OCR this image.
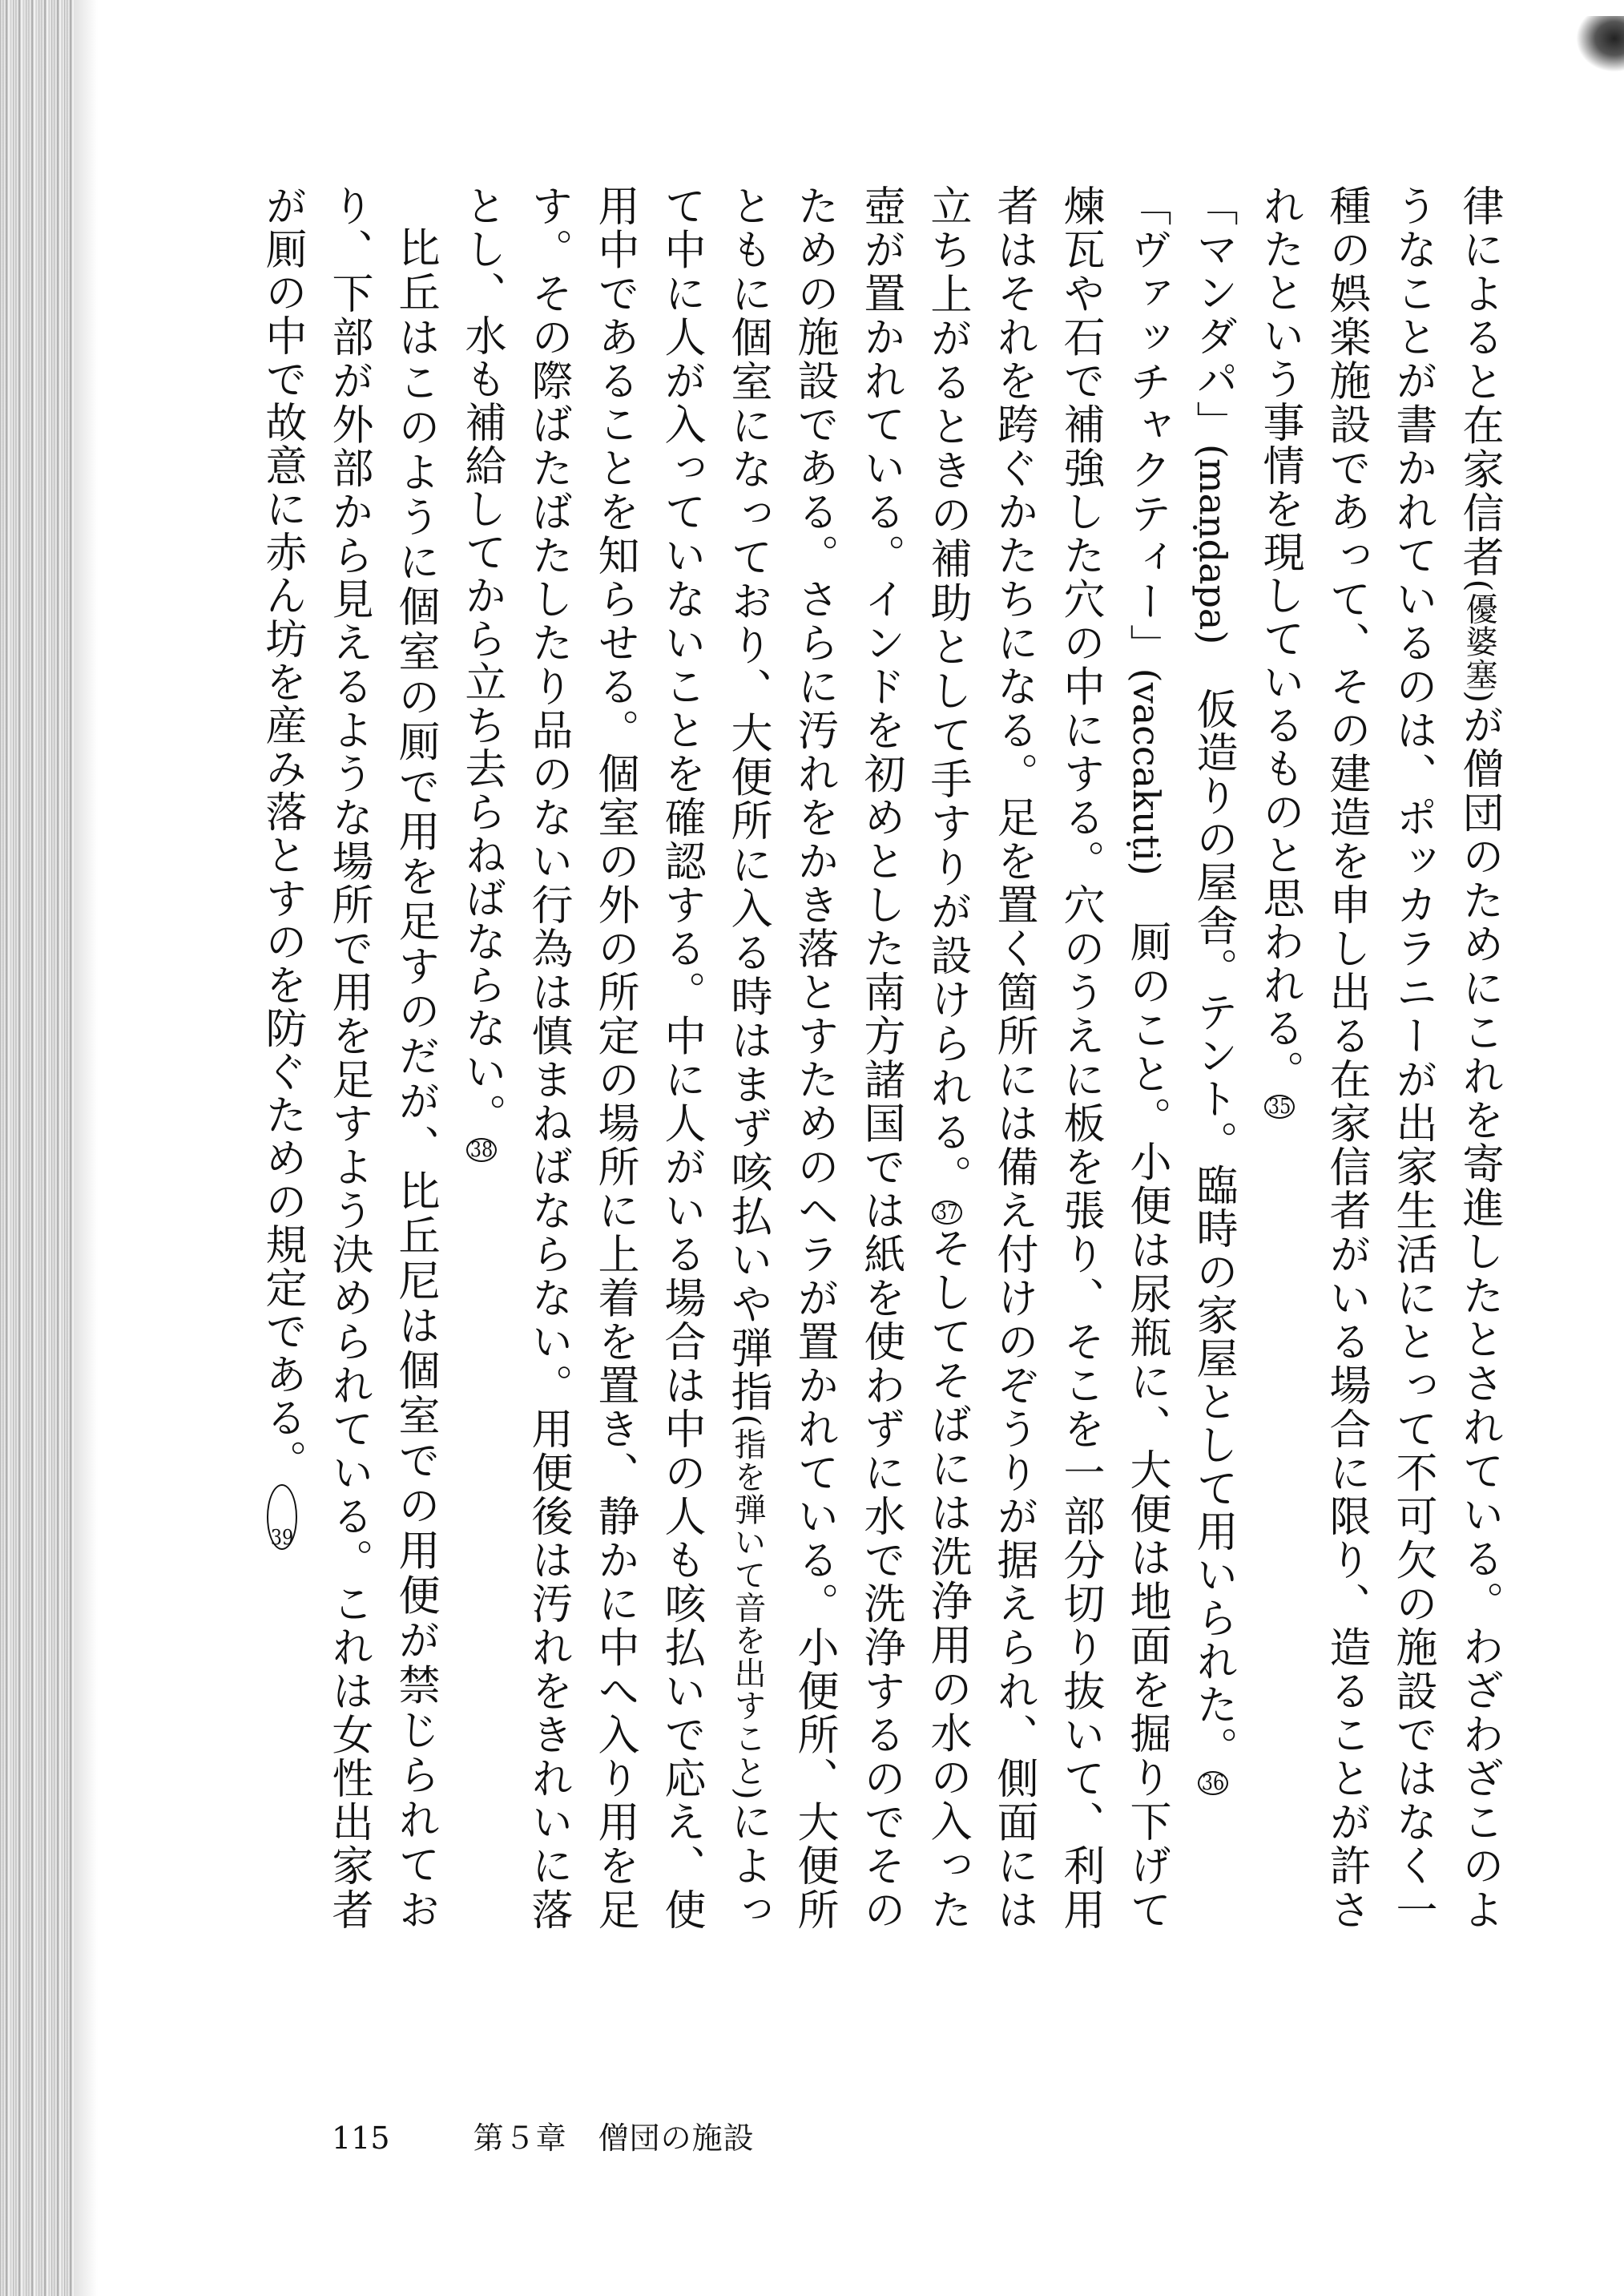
律によると在家信者(優婆塞)が僧団のためにこれを寄進したとされている。わざわざこのようなことが書かれているのは、ポッカラニーが出家生活にとって不可欠の施設ではなく一種の娯楽施設であって、その建造を申し出る在家信者がいる場合に限り、造ることが許されたという事情を現しているものと思われる。35

「マンダパ」(maṇḍapa)　仮造りの屋舎。テント。臨時の家屋として用いられた。36

「ヴァッチャクティー」(vaccakuṭi)　厠のこと。小便は尿瓶に、大便は地面を掘り下げて煉瓦や石で補強した穴の中にする。穴のうえに板を張り、そこを一部分切り抜いて、利用者はそれを跨ぐかたちになる。足を置く箇所には備え付けのぞうりが据えられ、側面には立ち上がるときの補助として手すりが設けられる。37そしてそばには洗浄用の水の入った壺が置かれている。インドを初めとした南方諸国では紙を使わずに水で洗浄するのでそのための施設である。さらに汚れをかき落とすためのヘラが置かれている。小便所、大便所ともに個室になっており、大便所に入る時はまず咳払いや弾指(指を弾いて音を出すこと)によって中に人が入っていないことを確認する。中に人がいる場合は中の人も咳払いで応え、使用中であることを知らせる。個室の外の所定の場所に上着を置き、静かに中へ入り用を足す。その際ばたばたしたり品のない行為は慎まねばならない。用便後は汚れをきれいに落とし、水も補給してから立ち去らねばならない。38

比丘はこのように個室の厠で用を足すのだが、比丘尼は個室での用便が禁じられており、下部が外部から見えるような場所で用を足すよう決められている。これは女性出家者が厠の中で故意に赤ん坊を産み落とすのを防ぐための規定である。39

115	第５章　僧団の施設
